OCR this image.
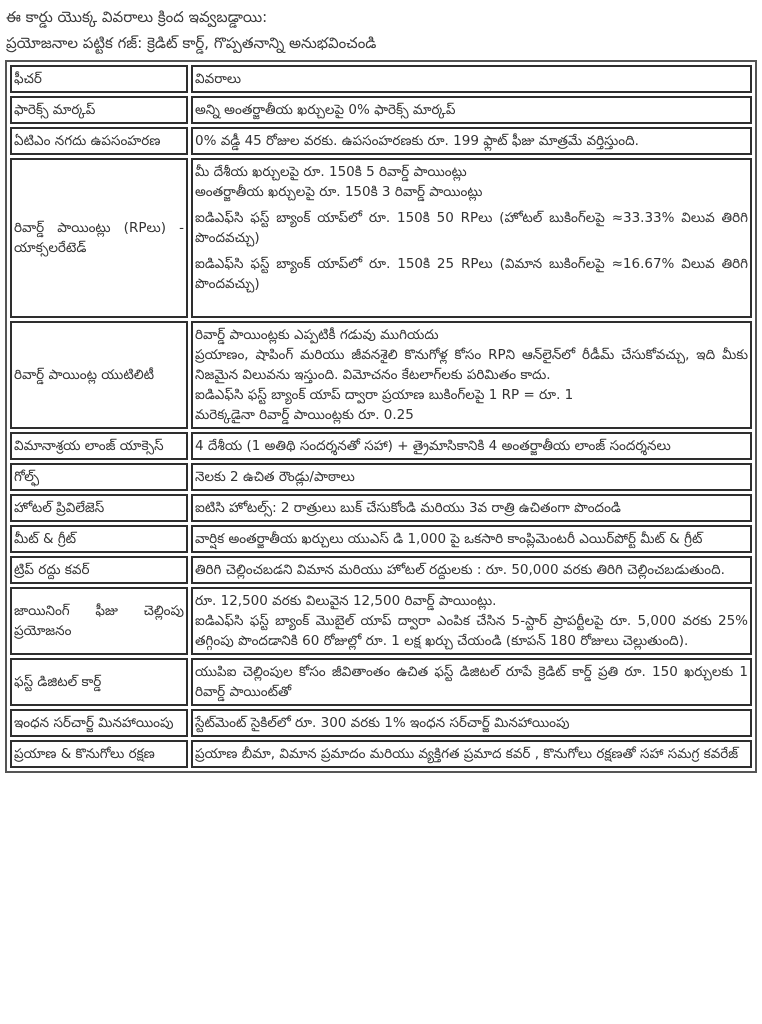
ఈ కార్డు యొక్క వివరాలు క్రింద ఇవ్వబడ్డాయి:

ప్రయోజనాల పట్టిక గజ్: క్రెడిట్ కార్డ్, గొప్పతనాన్ని అనుభవించండి

ఫీచర్	వివరాలు
ఫారెక్స్ మార్కప్	అన్ని అంతర్జాతీయ ఖర్చులపై 0% ఫారెక్స్ మార్కప్

ఏటిఎం నగదు ఉపసంహరణ	0% వడ్డీ 45 రోజుల వరకు. ఉపసంహరణకు రూ. 199 ఫ్లాట్ ఫీజు మాత్రమే వర్తిస్తుంది.

రివార్డ్ పాయింట్లు (RPలు) - యాక్సలరేటెడ్	మీ దేశీయ ఖర్చులపై రూ. 150కి 5 రివార్డ్ పాయింట్లు
అంతర్జాతీయ ఖర్చులపై రూ. 150కి 3 రివార్డ్ పాయింట్లు
ఐడిఎఫ్‌సి ఫస్ట్ బ్యాంక్ యాప్‌లో రూ. 150కి 50 RPలు (హోటల్ బుకింగ్‌లపై ≈33.33% విలువ తిరిగి పొందవచ్చు)
ఐడిఎఫ్‌సి ఫస్ట్ బ్యాంక్ యాప్‌లో రూ. 150కి 25 RPలు (విమాన బుకింగ్‌లపై ≈16.67% విలువ తిరిగి పొందవచ్చు)

రివార్డ్ పాయింట్ల యుటిలిటీ	రివార్డ్ పాయింట్లకు ఎప్పటికీ గడువు ముగియదు
ప్రయాణం, షాపింగ్ మరియు జీవనశైలి కొనుగోళ్ల కోసం RPని ఆన్‌లైన్‌లో రీడీమ్ చేసుకోవచ్చు, ఇది మీకు నిజమైన విలువను ఇస్తుంది. విమోచనం కేటలాగ్‌లకు పరిమితం కాదు.
ఐడిఎఫ్‌సి ఫస్ట్ బ్యాంక్ యాప్ ద్వారా ప్రయాణ బుకింగ్‌లపై 1 RP = రూ. 1
మరెక్కడైనా రివార్డ్ పాయింట్లకు రూ. 0.25

విమానాశ్రయ లాంజ్ యాక్సెస్	4 దేశీయ (1 అతిథి సందర్శనతో సహా) + త్రైమాసికానికి 4 అంతర్జాతీయ లాంజ్ సందర్శనలు

గోల్ఫ్	నెలకు 2 ఉచిత రౌండ్లు/పాఠాలు

హోటల్ ప్రివిలేజెస్	ఐటిసి హోటల్స్: 2 రాత్రులు బుక్ చేసుకోండి మరియు 3వ రాత్రి ఉచితంగా పొందండి

మీట్ & గ్రీట్	వార్షిక అంతర్జాతీయ ఖర్చులు యుఎస్ డి 1,000 పై ఒకసారి కాంప్లిమెంటరీ ఎయిర్‌పోర్ట్ మీట్ & గ్రీట్

ట్రిప్ రద్దు కవర్	తిరిగి చెల్లించబడని విమాన మరియు హోటల్ రద్దులకు : రూ. 50,000 వరకు తిరిగి చెల్లించబడుతుంది.

జాయినింగ్ ఫీజు చెల్లింపు ప్రయోజనం	రూ. 12,500 వరకు విలువైన 12,500 రివార్డ్ పాయింట్లు.
ఐడిఎఫ్‌సి ఫస్ట్ బ్యాంక్ మొబైల్ యాప్ ద్వారా ఎంపిక చేసిన 5-స్టార్ ప్రాపర్టీలపై రూ. 5,000 వరకు 25% తగ్గింపు పొందడానికి 60 రోజుల్లో రూ. 1 లక్ష ఖర్చు చేయండి (కూపన్ 180 రోజులు చెల్లుతుంది).

ఫస్ట్ డిజిటల్ కార్డ్	యుపిఐ చెల్లింపుల కోసం జీవితాంతం ఉచిత ఫస్ట్ డిజిటల్ రూపే క్రెడిట్ కార్డ్ ప్రతి రూ. 150 ఖర్చులకు 1 రివార్డ్ పాయింట్‌తో

ఇంధన సర్‌చార్జ్ మినహాయింపు	స్టేట్‌మెంట్ సైకిల్‌లో రూ. 300 వరకు 1% ఇంధన సర్‌చార్జ్ మినహాయింపు

ప్రయాణ & కొనుగోలు రక్షణ	ప్రయాణ బీమా, విమాన ప్రమాదం మరియు వ్యక్తిగత ప్రమాద కవర్ , కొనుగోలు రక్షణతో సహా సమగ్ర కవరేజ్
